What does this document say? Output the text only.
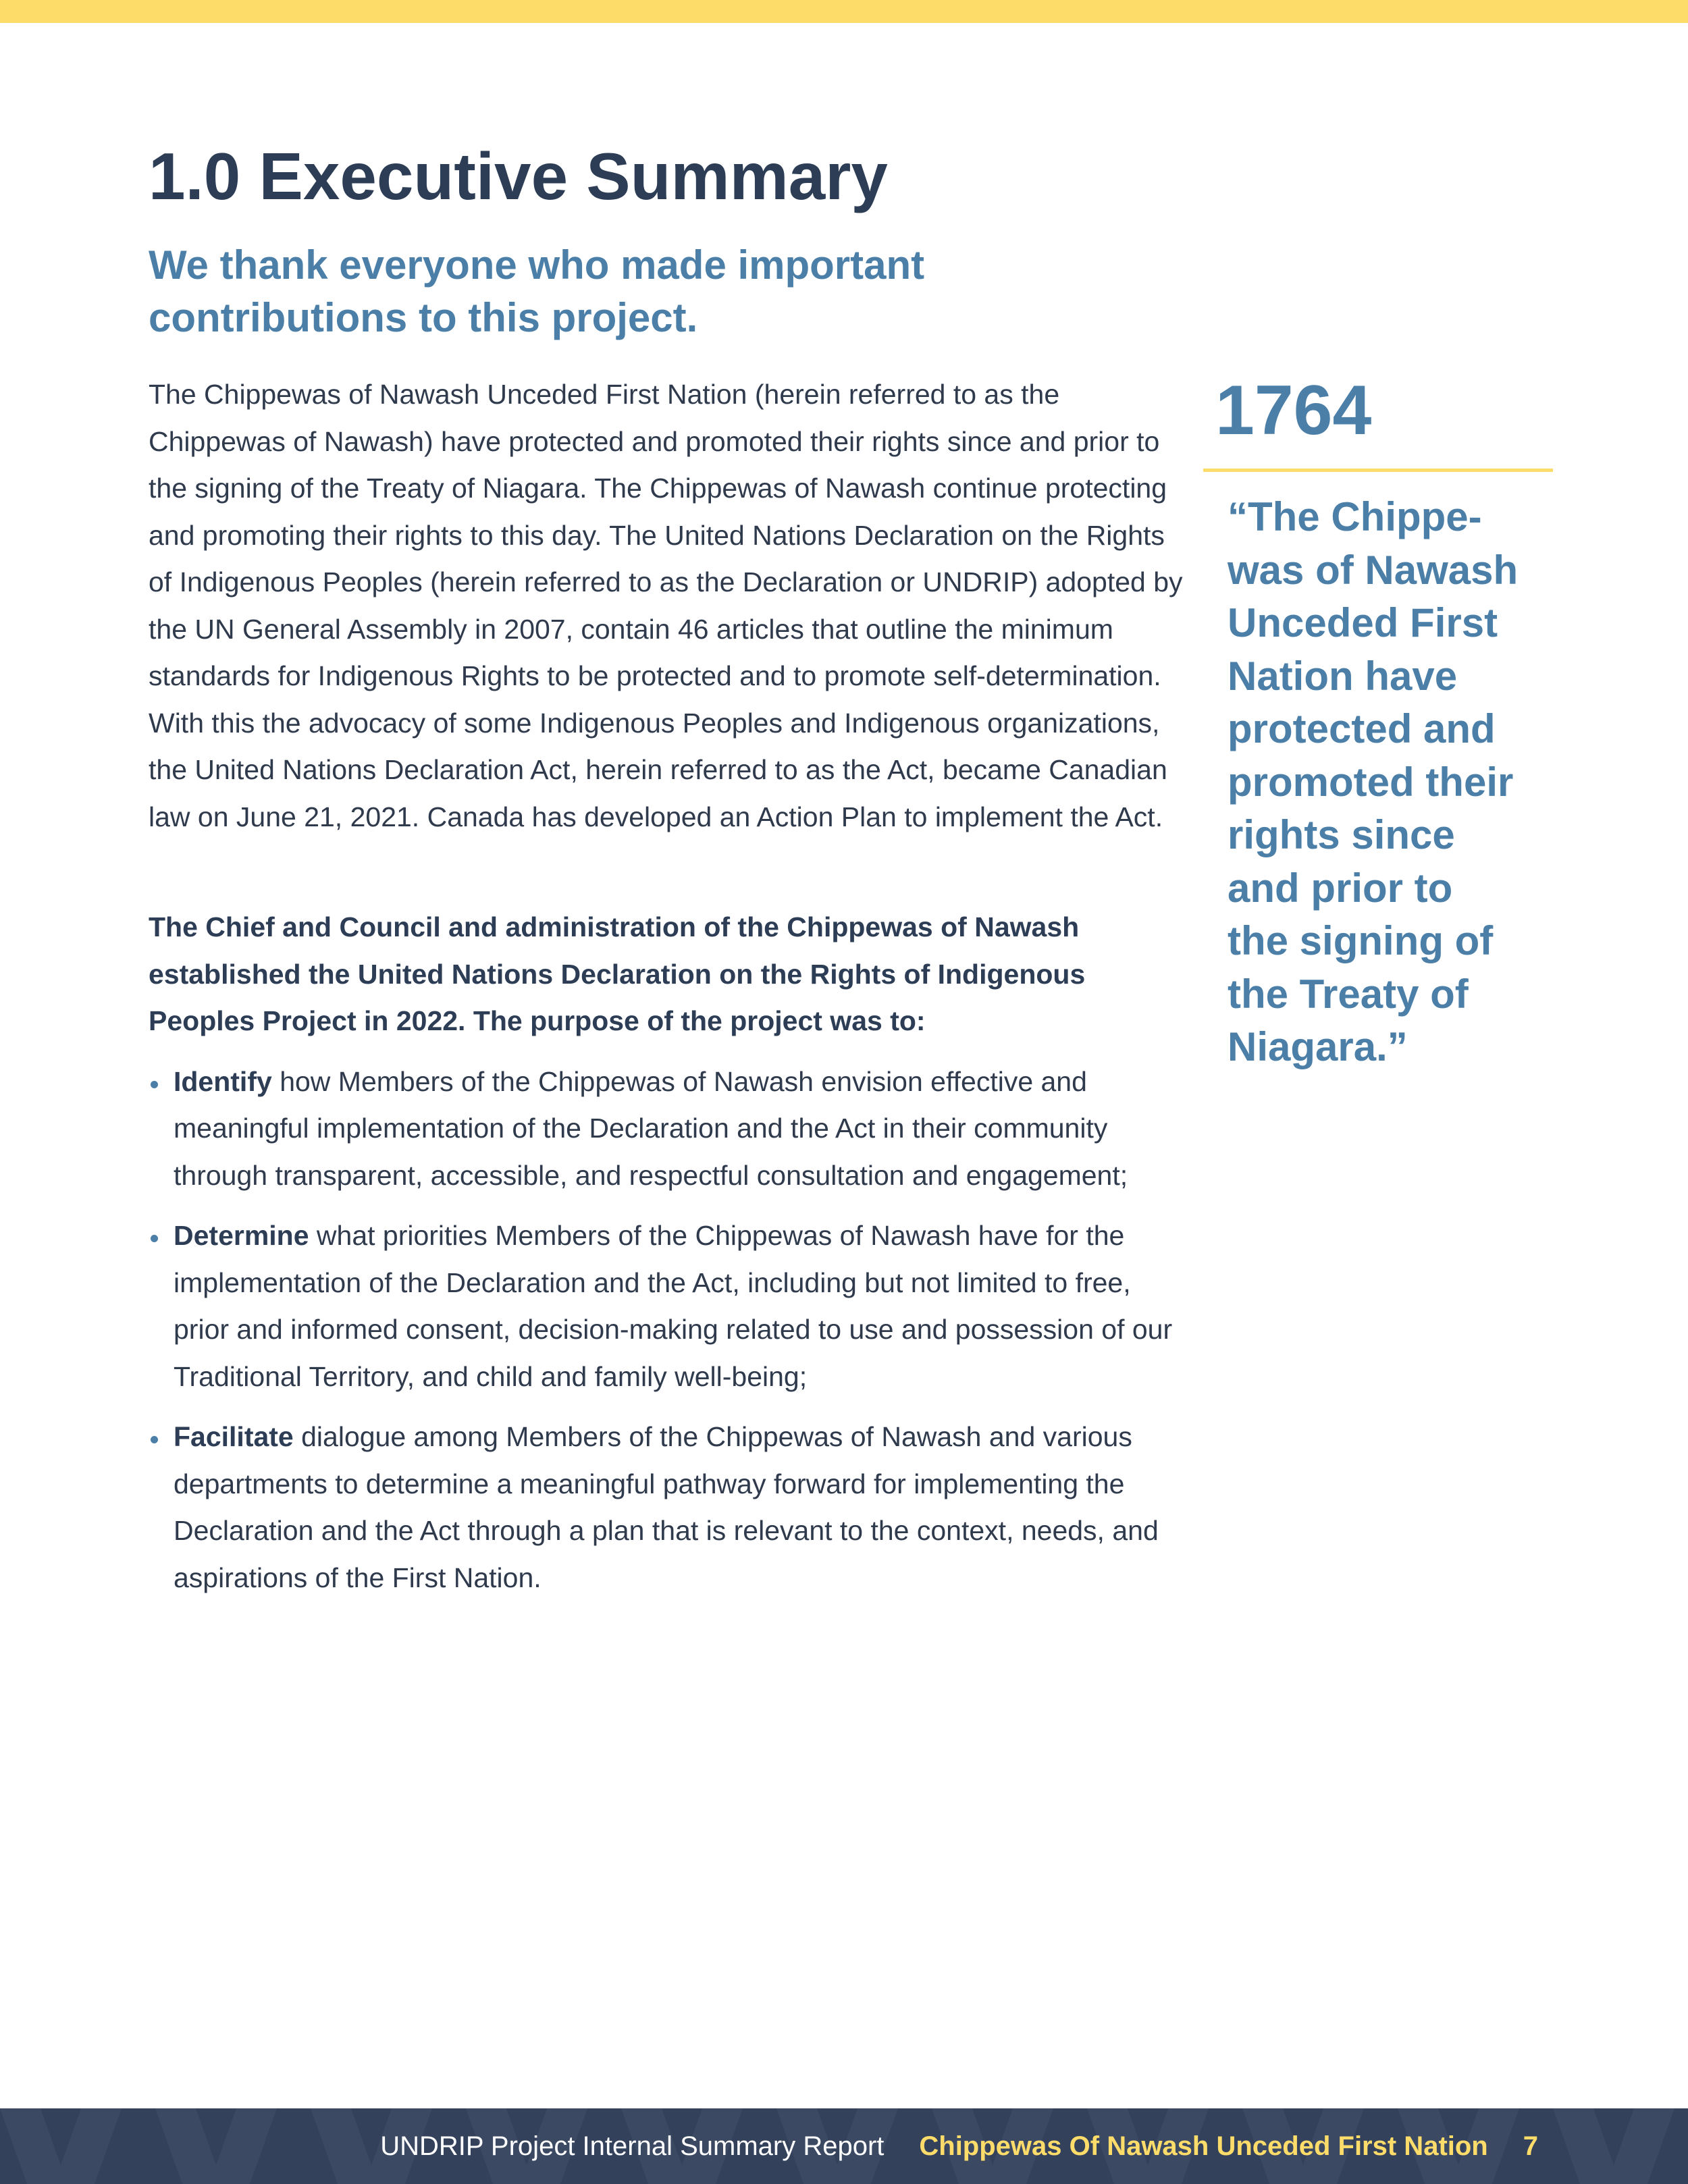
1.0 Executive Summary
We thank everyone who made important contributions to this project.

The Chippewas of Nawash Unceded First Nation (herein referred to as the Chippewas of Nawash) have protected and promoted their rights since and prior to the signing of the Treaty of Niagara. The Chippewas of Nawash continue protecting and promoting their rights to this day. The United Nations Declaration on the Rights of Indigenous Peoples (herein referred to as the Declaration or UNDRIP) adopted by the UN General Assembly in 2007, contain 46 articles that outline the minimum standards for Indigenous Rights to be protected and to promote self-determination. With this the advocacy of some Indigenous Peoples and Indigenous organizations, the United Nations Declaration Act, herein referred to as the Act, became Canadian law on June 21, 2021. Canada has developed an Action Plan to implement the Act.

The Chief and Council and administration of the Chippewas of Nawash established the United Nations Declaration on the Rights of Indigenous Peoples Project in 2022. The purpose of the project was to:

Identify how Members of the Chippewas of Nawash envision effective and meaningful implementation of the Declaration and the Act in their community through transparent, accessible, and respectful consultation and engagement;
Determine what priorities Members of the Chippewas of Nawash have for the implementation of the Declaration and the Act, including but not limited to free, prior and informed consent, decision-making related to use and possession of our Traditional Territory, and child and family well-being;
Facilitate dialogue among Members of the Chippewas of Nawash and various departments to determine a meaningful pathway forward for implementing the Declaration and the Act through a plan that is relevant to the context, needs, and aspirations of the First Nation.
1764
“The Chippe-
was of Nawash
Unceded First
Nation have
protected and
promoted their
rights since
and prior to
the signing of
the Treaty of
Niagara.”
UNDRIP Project Internal Summary Report Chippewas Of Nawash Unceded First Nation 7
